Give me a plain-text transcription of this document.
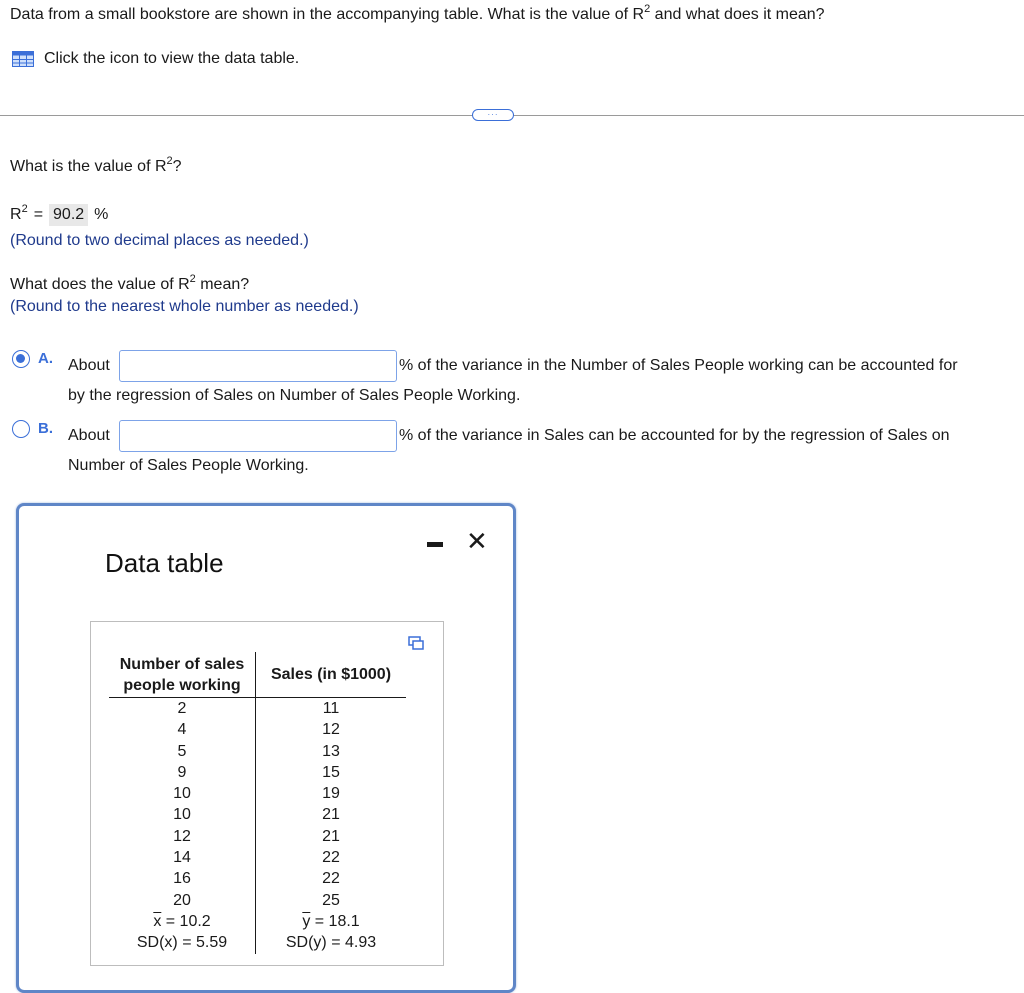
Data from a small bookstore are shown in the accompanying table. What is the value of $R^2$ and what does it mean?
Click the icon to view the data table.
···
What is the value of $R^2$?
$R^2 = 90.2$ %
(Round to two decimal places as needed.)
What does the value of $R^2$ mean?
(Round to the nearest whole number as needed.)
A. About	% of the variance in the Number of Sales People working can be accounted for
by the regression of Sales on Number of Sales People Working.
B. About	% of the variance in Sales can be accounted for by the regression of Sales on
Number of Sales People Working.
Data table
✕
Number of sales people working
2
4
5
9
10
10
12
14
16
20
$\overline{x} = 10.2$
SD(x) = 5.59
Sales (in $1000)
11
12
13
15
19
21
21
22
22
25
$\overline{y} = 18.1$
SD(y) = 4.93
